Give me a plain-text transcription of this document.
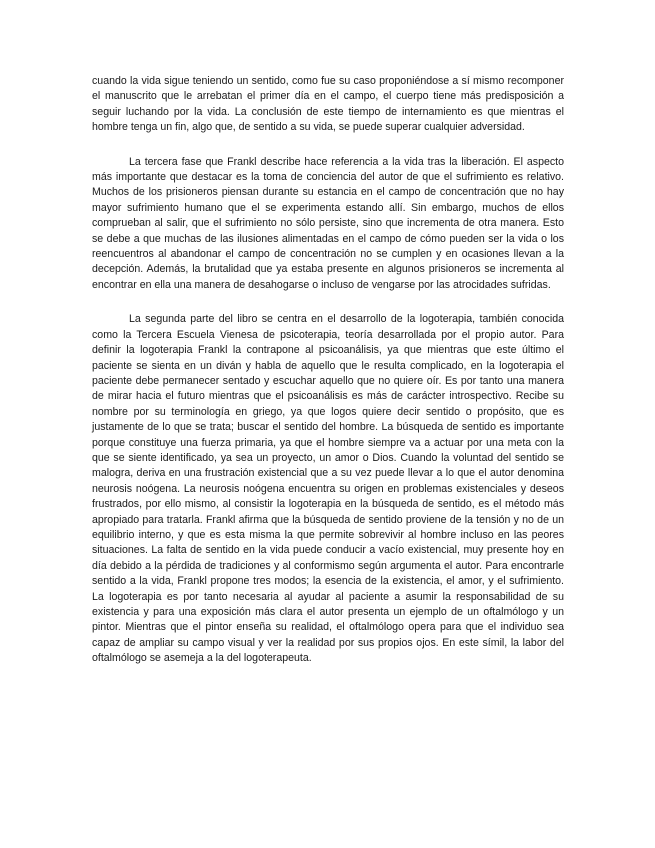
cuando la vida sigue teniendo un sentido, como fue su caso proponiéndose a sí mismo recomponer el manuscrito que le arrebatan el primer día en el campo, el cuerpo tiene más predisposición a seguir luchando por la vida. La conclusión de este tiempo de internamiento es que mientras el hombre tenga un fin, algo que, de sentido a su vida, se puede superar cualquier adversidad.

La tercera fase que Frankl describe hace referencia a la vida tras la liberación. El aspecto más importante que destacar es la toma de conciencia del autor de que el sufrimiento es relativo. Muchos de los prisioneros piensan durante su estancia en el campo de concentración que no hay mayor sufrimiento humano que el se experimenta estando allí. Sin embargo, muchos de ellos comprueban al salir, que el sufrimiento no sólo persiste, sino que incrementa de otra manera. Esto se debe a que muchas de las ilusiones alimentadas en el campo de cómo pueden ser la vida o los reencuentros al abandonar el campo de concentración no se cumplen y en ocasiones llevan a la decepción. Además, la brutalidad que ya estaba presente en algunos prisioneros se incrementa al encontrar en ella una manera de desahogarse o incluso de vengarse por las atrocidades sufridas.

La segunda parte del libro se centra en el desarrollo de la logoterapia, también conocida como la Tercera Escuela Vienesa de psicoterapia, teoría desarrollada por el propio autor. Para definir la logoterapia Frankl la contrapone al psicoanálisis, ya que mientras que este último el paciente se sienta en un diván y habla de aquello que le resulta complicado, en la logoterapia el paciente debe permanecer sentado y escuchar aquello que no quiere oír. Es por tanto una manera de mirar hacia el futuro mientras que el psicoanálisis es más de carácter introspectivo. Recibe su nombre por su terminología en griego, ya que logos quiere decir sentido o propósito, que es justamente de lo que se trata; buscar el sentido del hombre. La búsqueda de sentido es importante porque constituye una fuerza primaria, ya que el hombre siempre va a actuar por una meta con la que se siente identificado, ya sea un proyecto, un amor o Dios. Cuando la voluntad del sentido se malogra, deriva en una frustración existencial que a su vez puede llevar a lo que el autor denomina neurosis noógena. La neurosis noógena encuentra su origen en problemas existenciales y deseos frustrados, por ello mismo, al consistir la logoterapia en la búsqueda de sentido, es el método más apropiado para tratarla. Frankl afirma que la búsqueda de sentido proviene de la tensión y no de un equilibrio interno, y que es esta misma la que permite sobrevivir al hombre incluso en las peores situaciones. La falta de sentido en la vida puede conducir a vacío existencial, muy presente hoy en día debido a la pérdida de tradiciones y al conformismo según argumenta el autor. Para encontrarle sentido a la vida, Frankl propone tres modos; la esencia de la existencia, el amor, y el sufrimiento. La logoterapia es por tanto necesaria al ayudar al paciente a asumir la responsabilidad de su existencia y para una exposición más clara el autor presenta un ejemplo de un oftalmólogo y un pintor. Mientras que el pintor enseña su realidad, el oftalmólogo opera para que el individuo sea capaz de ampliar su campo visual y ver la realidad por sus propios ojos. En este símil, la labor del oftalmólogo se asemeja a la del logoterapeuta.
